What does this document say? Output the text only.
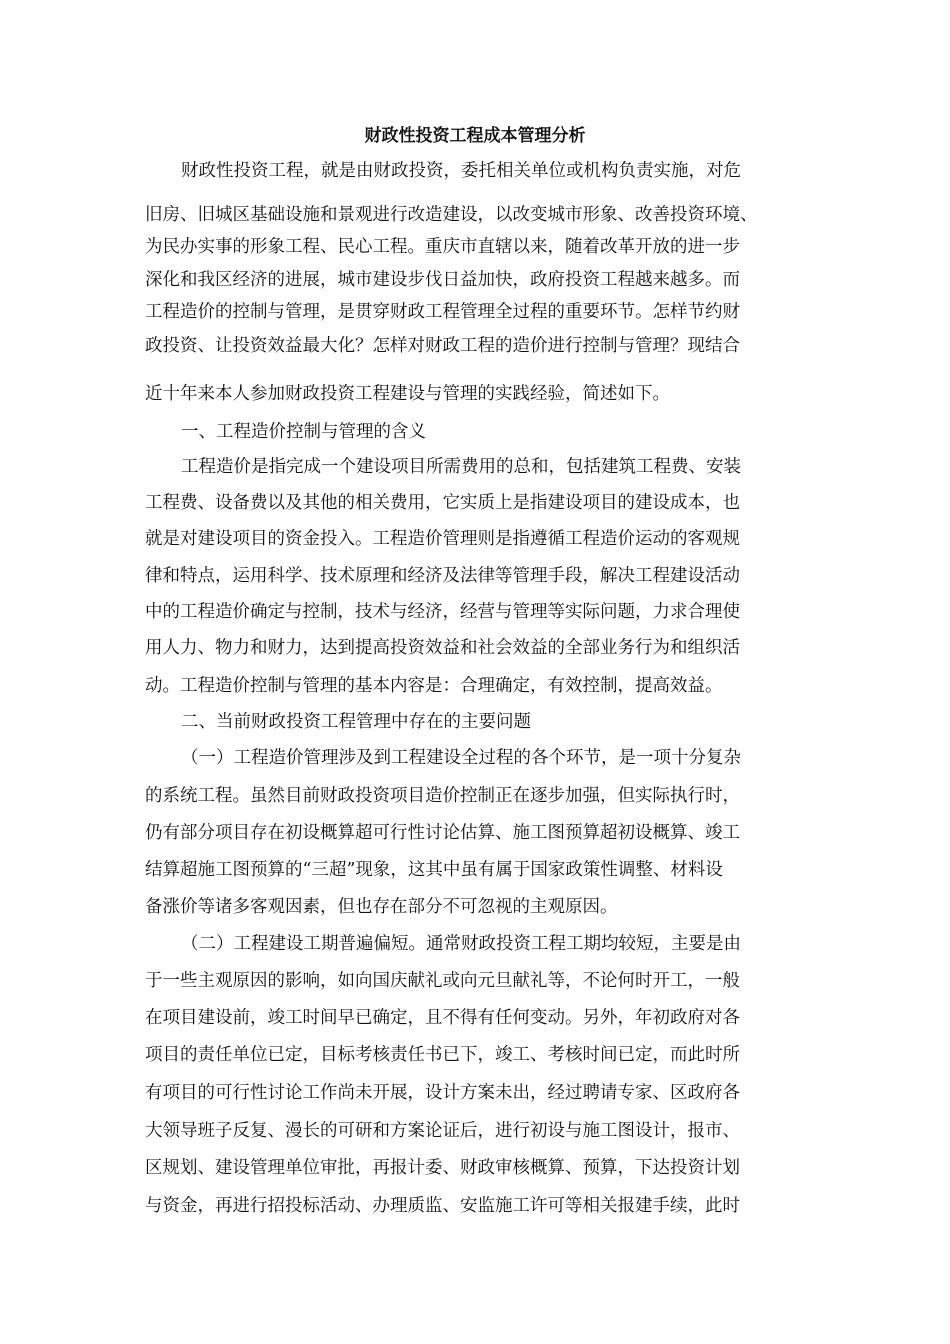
财政性投资工程成本管理分析
财政性投资工程，就是由财政投资，委托相关单位或机构负责实施，对危
旧房、旧城区基础设施和景观进行改造建设，以改变城市形象、改善投资环境、
为民办实事的形象工程、民心工程。重庆市直辖以来，随着改革开放的进一步
深化和我区经济的进展，城市建设步伐日益加快，政府投资工程越来越多。而
工程造价的控制与管理，是贯穿财政工程管理全过程的重要环节。怎样节约财
政投资、让投资效益最大化？怎样对财政工程的造价进行控制与管理？现结合
近十年来本人参加财政投资工程建设与管理的实践经验，简述如下。
一、工程造价控制与管理的含义
工程造价是指完成一个建设项目所需费用的总和，包括建筑工程费、安装
工程费、设备费以及其他的相关费用，它实质上是指建设项目的建设成本，也
就是对建设项目的资金投入。工程造价管理则是指遵循工程造价运动的客观规
律和特点，运用科学、技术原理和经济及法律等管理手段，解决工程建设活动
中的工程造价确定与控制，技术与经济，经营与管理等实际问题，力求合理使
用人力、物力和财力，达到提高投资效益和社会效益的全部业务行为和组织活
动。工程造价控制与管理的基本内容是：合理确定，有效控制，提高效益。
二、当前财政投资工程管理中存在的主要问题
（一）工程造价管理涉及到工程建设全过程的各个环节，是一项十分复杂
的系统工程。虽然目前财政投资项目造价控制正在逐步加强，但实际执行时，
仍有部分项目存在初设概算超可行性讨论估算、施工图预算超初设概算、竣工
结算超施工图预算的“三超”现象，这其中虽有属于国家政策性调整、材料设
备涨价等诸多客观因素，但也存在部分不可忽视的主观原因。
（二）工程建设工期普遍偏短。通常财政投资工程工期均较短，主要是由
于一些主观原因的影响，如向国庆献礼或向元旦献礼等，不论何时开工，一般
在项目建设前，竣工时间早已确定，且不得有任何变动。另外，年初政府对各
项目的责任单位已定，目标考核责任书已下，竣工、考核时间已定，而此时所
有项目的可行性讨论工作尚未开展，设计方案未出，经过聘请专家、区政府各
大领导班子反复、漫长的可研和方案论证后，进行初设与施工图设计，报市、
区规划、建设管理单位审批，再报计委、财政审核概算、预算，下达投资计划
与资金，再进行招投标活动、办理质监、安监施工许可等相关报建手续，此时
